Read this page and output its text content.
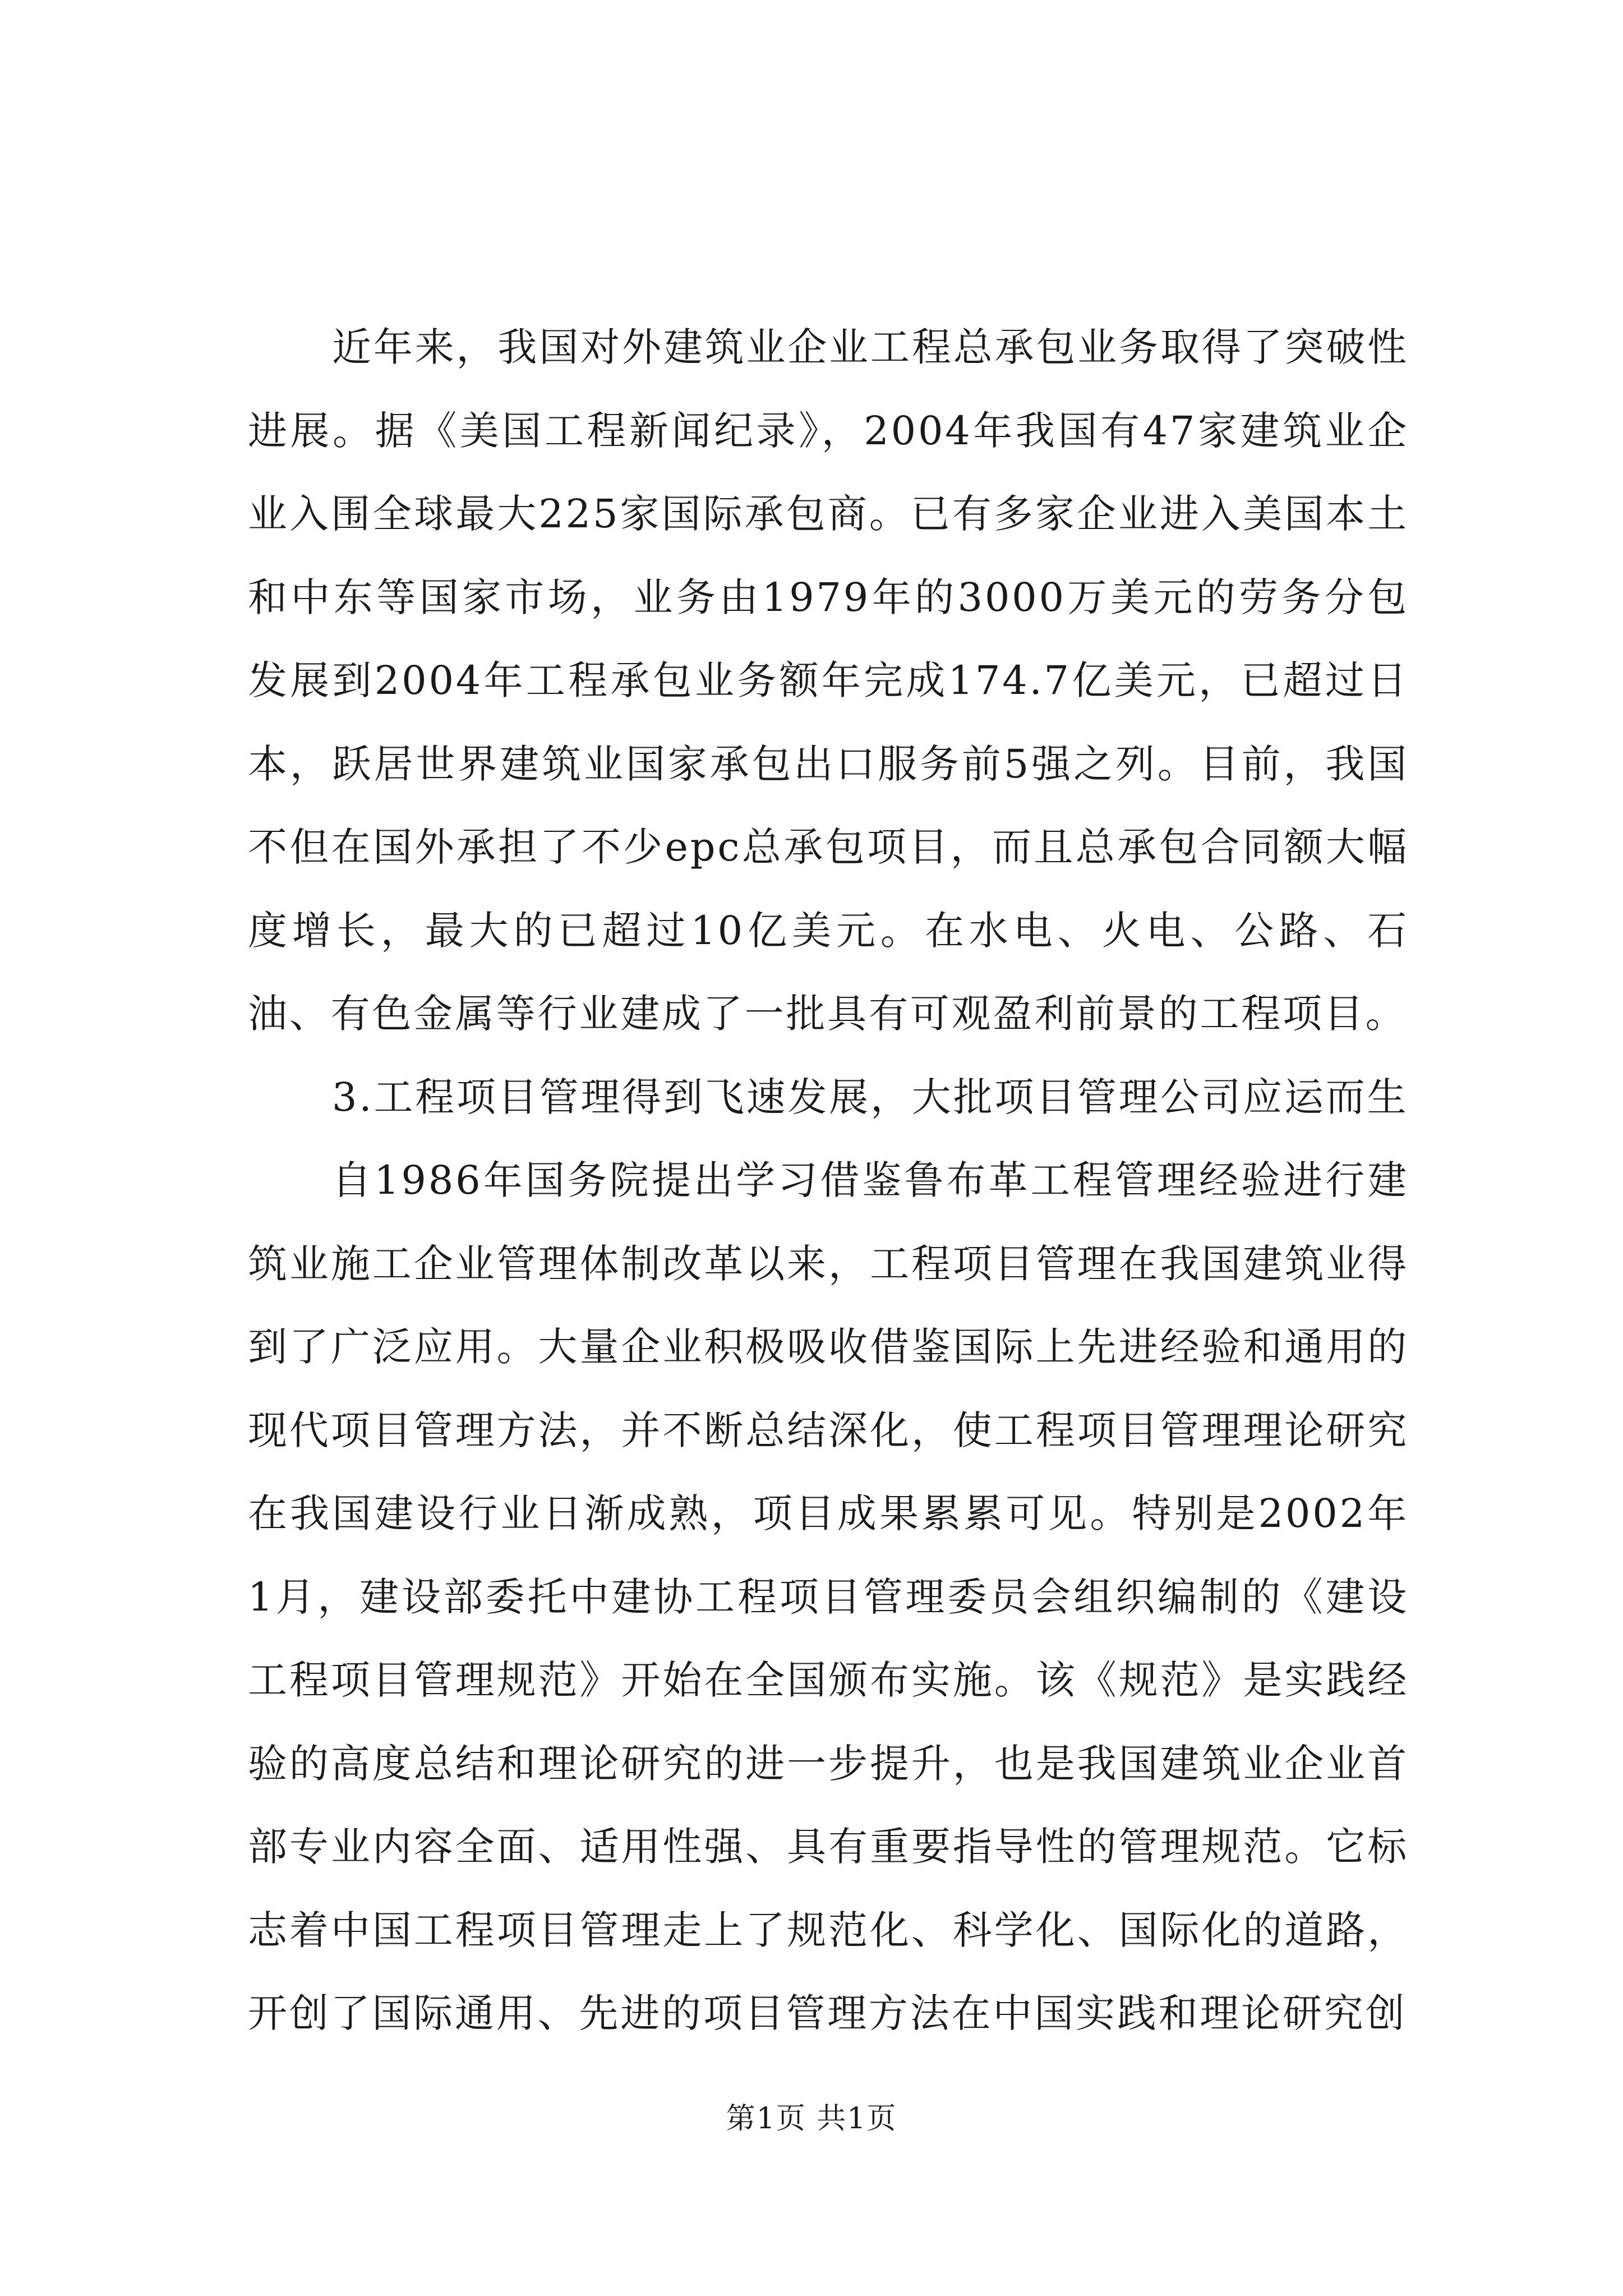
近年来，我国对外建筑业企业工程总承包业务取得了突破性进展。据《美国工程新闻纪录》，2004年我国有47家建筑业企业入围全球最大225家国际承包商。已有多家企业进入美国本土和中东等国家市场，业务由1979年的3000万美元的劳务分包发展到2004年工程承包业务额年完成174.7亿美元，已超过日本，跃居世界建筑业国家承包出口服务前5强之列。目前，我国不但在国外承担了不少epc总承包项目，而且总承包合同额大幅度增长，最大的已超过10亿美元。在水电、火电、公路、石油、有色金属等行业建成了一批具有可观盈利前景的工程项目。

3.工程项目管理得到飞速发展，大批项目管理公司应运而生

自1986年国务院提出学习借鉴鲁布革工程管理经验进行建筑业施工企业管理体制改革以来，工程项目管理在我国建筑业得到了广泛应用。大量企业积极吸收借鉴国际上先进经验和通用的现代项目管理方法，并不断总结深化，使工程项目管理理论研究在我国建设行业日渐成熟，项目成果累累可见。特别是2002年1月，建设部委托中建协工程项目管理委员会组织编制的《建设工程项目管理规范》开始在全国颁布实施。该《规范》是实践经验的高度总结和理论研究的进一步提升，也是我国建筑业企业首部专业内容全面、适用性强、具有重要指导性的管理规范。它标志着中国工程项目管理走上了规范化、科学化、国际化的道路，开创了国际通用、先进的项目管理方法在中国实践和理论研究创

第1页 共1页
